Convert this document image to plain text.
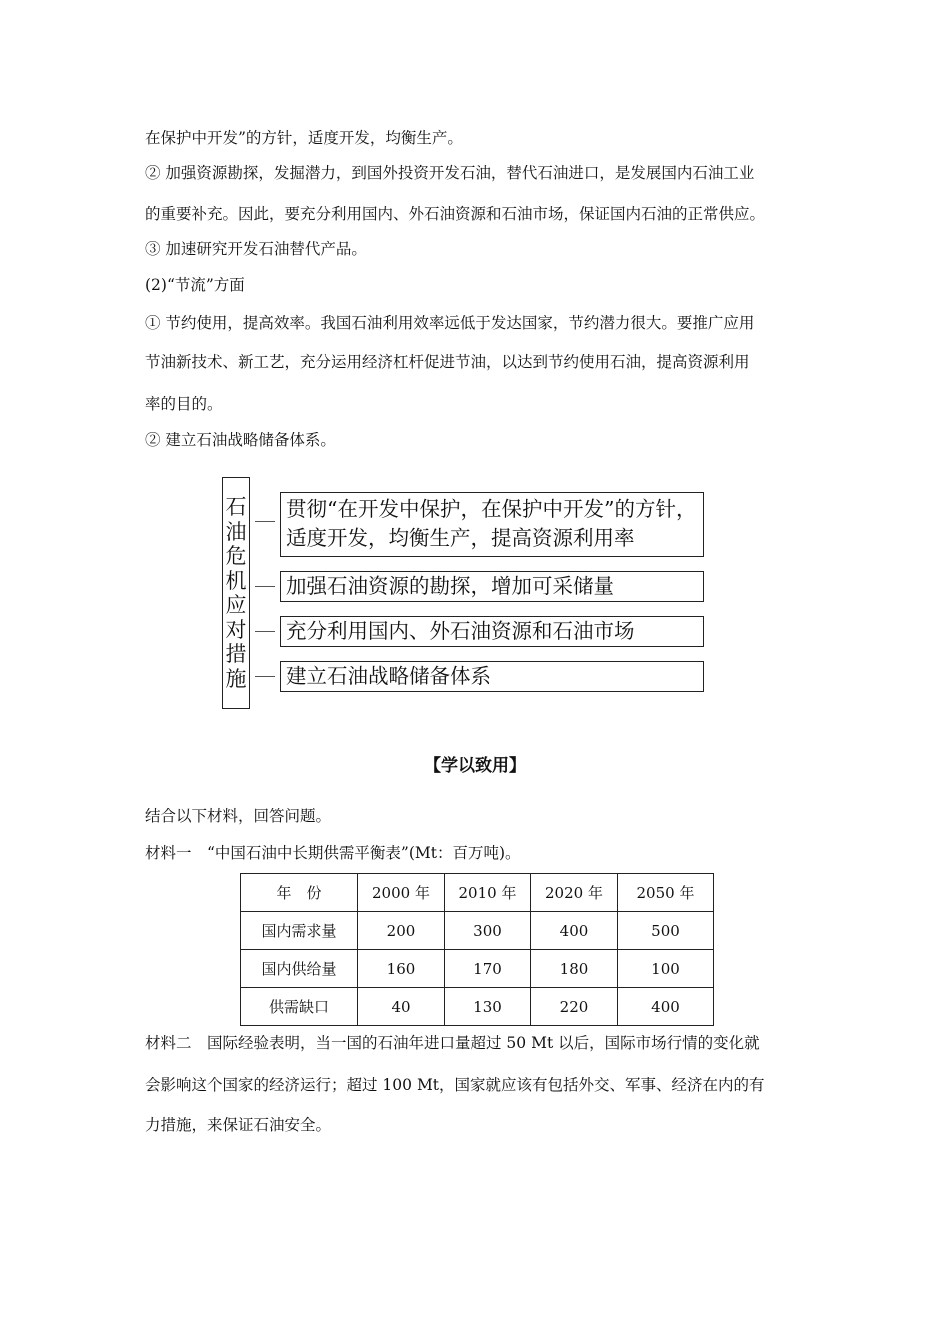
在保护中开发”的方针，适度开发，均衡生产。
② 加强资源勘探，发掘潜力，到国外投资开发石油，替代石油进口，是发展国内石油工业
的重要补充。因此，要充分利用国内、外石油资源和石油市场，保证国内石油的正常供应。
③ 加速研究开发石油替代产品。
(2)“节流”方面
① 节约使用，提高效率。我国石油利用效率远低于发达国家，节约潜力很大。要推广应用
节油新技术、新工艺，充分运用经济杠杆促进节油，以达到节约使用石油，提高资源利用
率的目的。
② 建立石油战略储备体系。
石油危机应对措施
贯彻“在开发中保护，在保护中开发”的方针，适度开发，均衡生产，提高资源利用率
加强石油资源的勘探，增加可采储量
充分利用国内、外石油资源和石油市场
建立石油战略储备体系
【学以致用】
结合以下材料，回答问题。
材料一　“中国石油中长期供需平衡表”(Mt：百万吨)。
年　份	2000 年	2010 年	2020 年	2050 年
国内需求量	200	300	400	500
国内供给量	160	170	180	100
供需缺口	40	130	220	400
材料二　国际经验表明，当一国的石油年进口量超过 50 Mt 以后，国际市场行情的变化就
会影响这个国家的经济运行；超过 100 Mt，国家就应该有包括外交、军事、经济在内的有
力措施，来保证石油安全。
